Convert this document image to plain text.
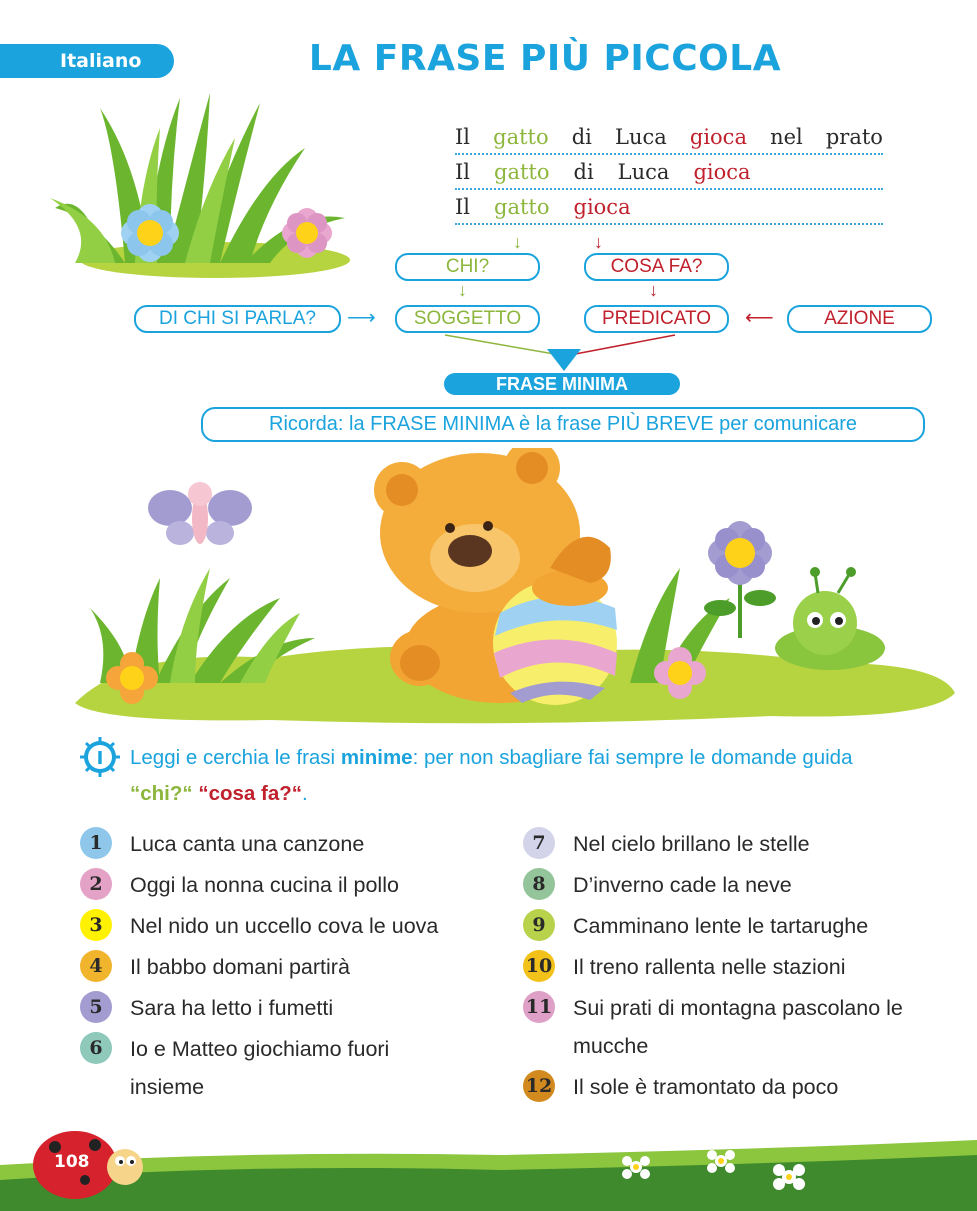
Italiano	LA FRASE PIÙ PICCOLA
Il gatto di Luca gioca nel prato
Il gatto di Luca gioca
Il gatto gioca
↓	↓
CHI?	COSA FA?
↓	↓
DI CHI SI PARLA?	⟶	SOGGETTO	PREDICATO	⟵	AZIONE
FRASE MINIMA
Ricorda: la FRASE MINIMA è la frase PIÙ BREVE per comunicare
I Leggi e cerchia le frasi minime: per non sbagliare fai sempre le domande guida
“chi?“ “cosa fa?“.
1	Luca canta una canzone
2	Oggi la nonna cucina il pollo
3	Nel nido un uccello cova le uova
4	Il babbo domani partirà
5	Sara ha letto i fumetti
6	Io e Matteo giochiamo fuori insieme
7	Nel cielo brillano le stelle
8	D’inverno cade la neve
9	Camminano lente le tartarughe
10 Il treno rallenta nelle stazioni
11 Sui prati di montagna pascolano le mucche
12 Il sole è tramontato da poco
108
